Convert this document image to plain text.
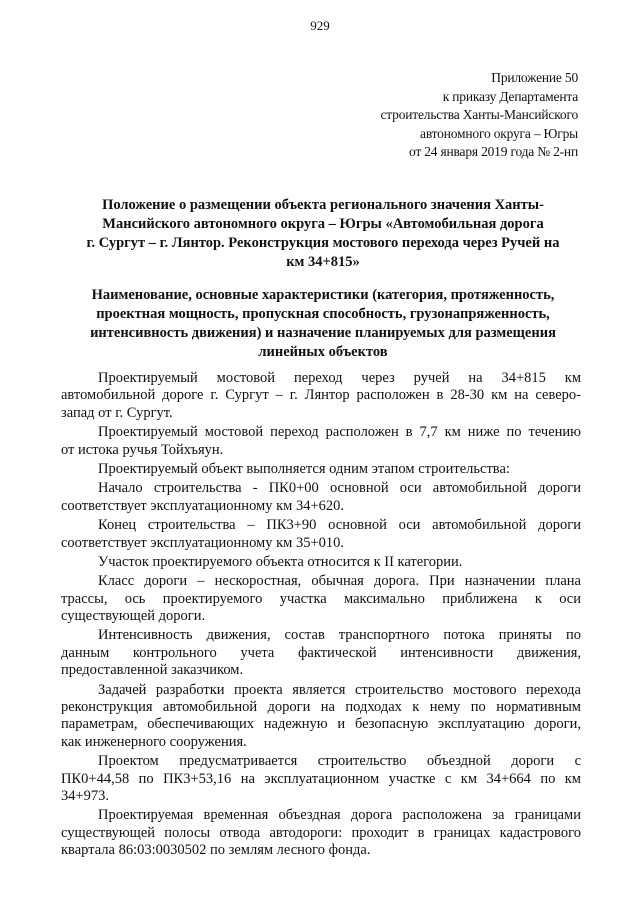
929
Приложение 50
к приказу Департамента
строительства Ханты-Мансийского
автономного округа – Югры
от 24 января 2019 года № 2-нп
Положение о размещении объекта регионального значения Ханты-
Мансийского автономного округа – Югры «Автомобильная дорога
г. Сургут – г. Лянтор. Реконструкция мостового перехода через Ручей на
км 34+815»
Наименование, основные характеристики (категория, протяженность,
проектная мощность, пропускная способность, грузонапряженность,
интенсивность движения) и назначение планируемых для размещения
линейных объектов
Проектируемый мостовой переход через ручей на 34+815 км
автомобильной дороге г. Сургут – г. Лянтор расположен в 28-30 км на северо-
запад от г. Сургут.
Проектируемый мостовой переход расположен в 7,7 км ниже по течению
от истока ручья Тойхъяун.
Проектируемый объект выполняется одним этапом строительства:
Начало строительства - ПК0+00 основной оси автомобильной дороги
соответствует эксплуатационному км 34+620.
Конец строительства – ПК3+90 основной оси автомобильной дороги
соответствует эксплуатационному км 35+010.
Участок проектируемого объекта относится к II категории.
Класс дороги – нескоростная, обычная дорога. При назначении плана
трассы, ось проектируемого участка максимально приближена к оси
существующей дороги.
Интенсивность движения, состав транспортного потока приняты по
данным контрольного учета фактической интенсивности движения,
предоставленной заказчиком.
Задачей разработки проекта является строительство мостового перехода
реконструкция автомобильной дороги на подходах к нему по нормативным
параметрам, обеспечивающих надежную и безопасную эксплуатацию дороги,
как инженерного сооружения.
Проектом предусматривается строительство объездной дороги с
ПК0+44,58 по ПК3+53,16 на эксплуатационном участке с км 34+664 по км
34+973.
Проектируемая временная объездная дорога расположена за границами
существующей полосы отвода автодороги: проходит в границах кадастрового
квартала 86:03:0030502 по землям лесного фонда.
